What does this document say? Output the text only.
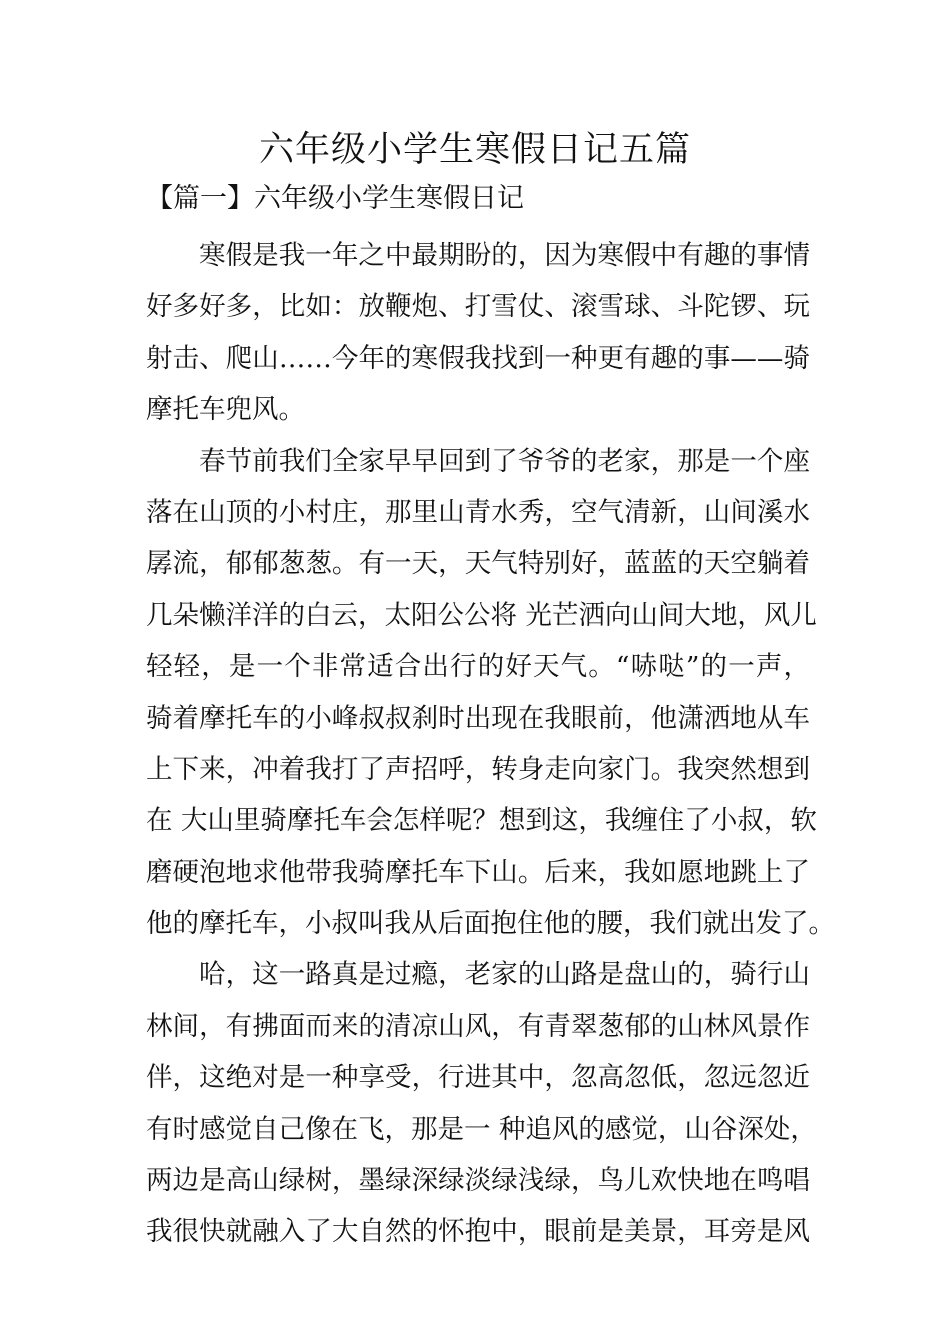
六年级小学生寒假日记五篇
【篇一】六年级小学生寒假日记
寒假是我一年之中最期盼的，因为寒假中有趣的事情
好多好多，比如：放鞭炮、打雪仗、滚雪球、斗陀锣、玩
射击、爬山……今年的寒假我找到一种更有趣的事——骑
摩托车兜风。
春节前我们全家早早回到了爷爷的老家，那是一个座
落在山顶的小村庄，那里山青水秀，空气清新，山间溪水
孱流，郁郁葱葱。有一天，天气特别好，蓝蓝的天空躺着
几朵懒洋洋的白云，太阳公公将 光芒洒向山间大地，风儿
轻轻，是一个非常适合出行的好天气。“哧哒”的一声，
骑着摩托车的小峰叔叔刹时出现在我眼前，他潇洒地从车
上下来，冲着我打了声招呼，转身走向家门。我突然想到
在 大山里骑摩托车会怎样呢？想到这，我缠住了小叔，软
磨硬泡地求他带我骑摩托车下山。后来，我如愿地跳上了
他的摩托车，小叔叫我从后面抱住他的腰，我们就出发了。
哈，这一路真是过瘾，老家的山路是盘山的，骑行山
林间，有拂面而来的清凉山风，有青翠葱郁的山林风景作
伴，这绝对是一种享受，行进其中，忽高忽低，忽远忽近
有时感觉自己像在飞，那是一 种追风的感觉，山谷深处，
两边是高山绿树，墨绿深绿淡绿浅绿，鸟儿欢快地在鸣唱
我很快就融入了大自然的怀抱中，眼前是美景，耳旁是风
